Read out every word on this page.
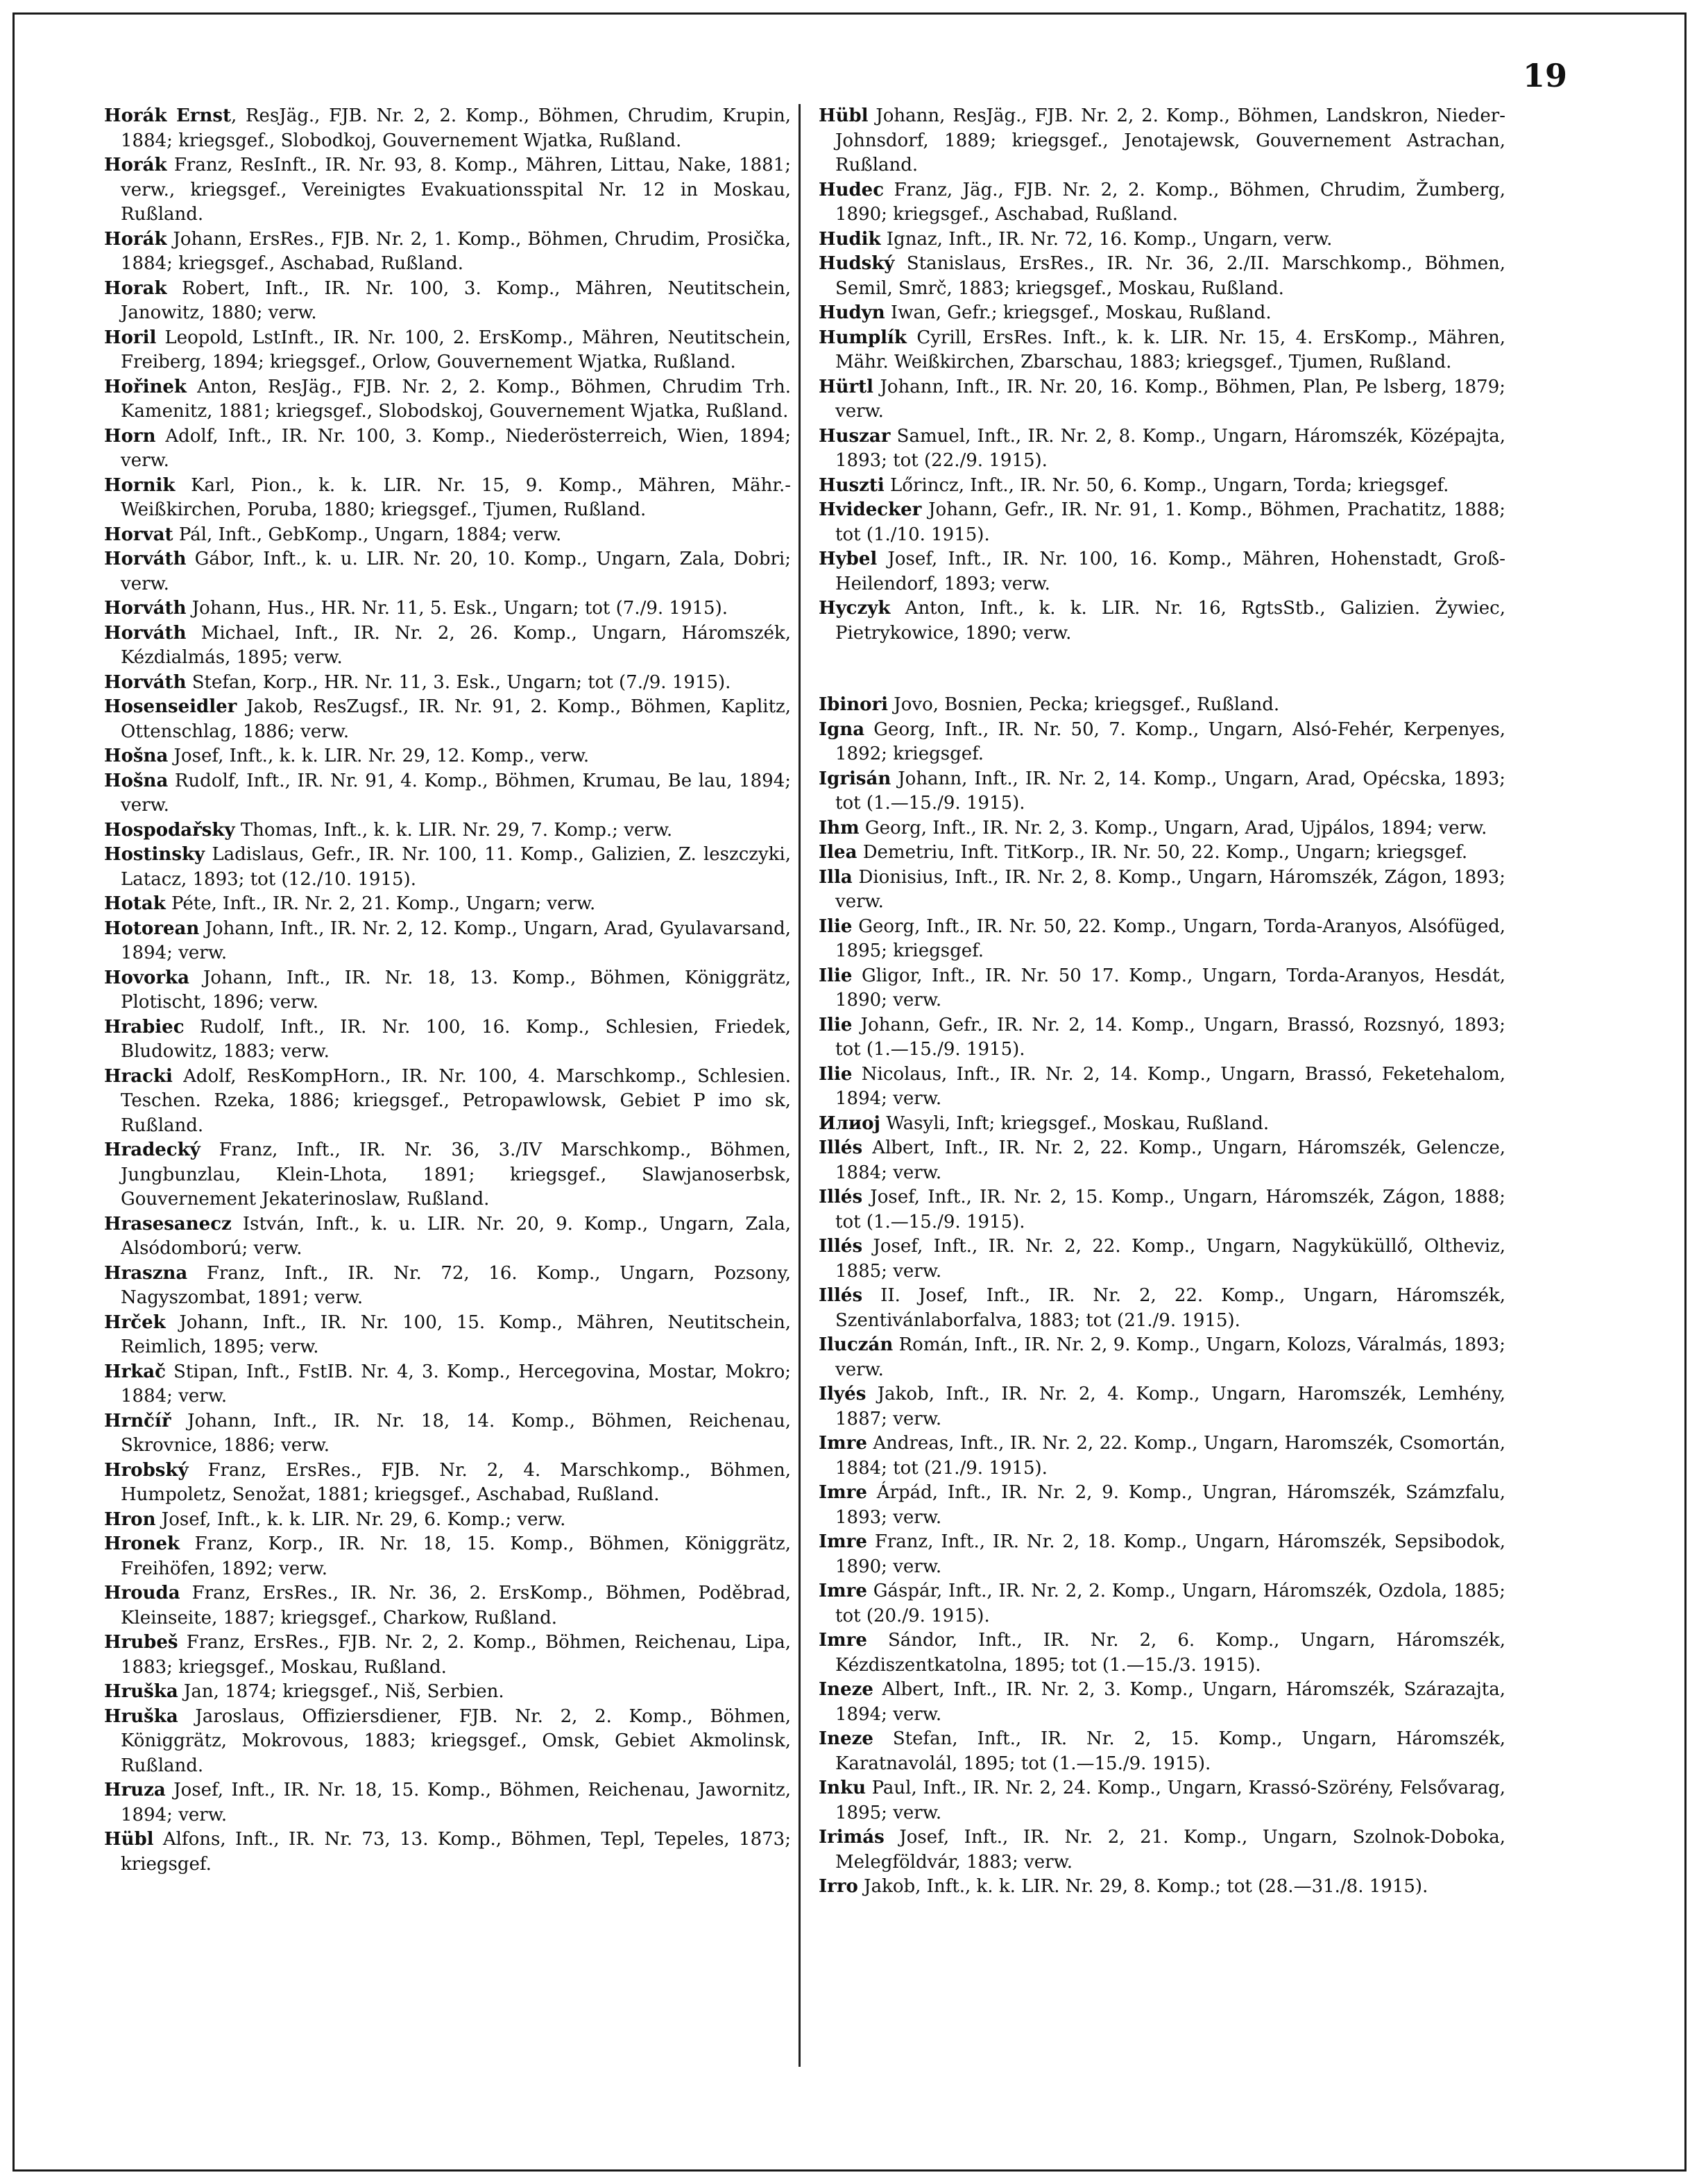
19

Horák Ernst, ResJäg., FJB. Nr. 2, 2. Komp., Böhmen, Chrudim, Krupin, 1884; kriegsgef., Slobodkoj, Gouvernement Wjatka, Rußland.

Horák Franz, ResInft., IR. Nr. 93, 8. Komp., Mähren, Littau, Nake, 1881; verw., kriegsgef., Vereinigtes Evakuationsspital Nr. 12 in Moskau, Rußland.

Horák Johann, ErsRes., FJB. Nr. 2, 1. Komp., Böhmen, Chrudim, Prosička, 1884; kriegsgef., Aschabad, Rußland.

Horak Robert, Inft., IR. Nr. 100, 3. Komp., Mähren, Neutitschein, Janowitz, 1880; verw.

Horil Leopold, LstInft., IR. Nr. 100, 2. ErsKomp., Mähren, Neutitschein, Freiberg, 1894; kriegsgef., Orlow, Gouvernement Wjatka, Rußland.

Hořinek Anton, ResJäg., FJB. Nr. 2, 2. Komp., Böhmen, Chrudim Trh. Kamenitz, 1881; kriegsgef., Slobodskoj, Gouvernement Wjatka, Rußland.

Horn Adolf, Inft., IR. Nr. 100, 3. Komp., Niederösterreich, Wien, 1894; verw.

Hornik Karl, Pion., k. k. LIR. Nr. 15, 9. Komp., Mähren, Mähr.-Weißkirchen, Poruba, 1880; kriegsgef., Tjumen, Rußland.

Horvat Pál, Inft., GebKomp., Ungarn, 1884; verw.

Horváth Gábor, Inft., k. u. LIR. Nr. 20, 10. Komp., Ungarn, Zala, Dobri; verw.

Horváth Johann, Hus., HR. Nr. 11, 5. Esk., Ungarn; tot (7./9. 1915).

Horváth Michael, Inft., IR. Nr. 2, 26. Komp., Ungarn, Háromszék, Kézdialmás, 1895; verw.

Horváth Stefan, Korp., HR. Nr. 11, 3. Esk., Ungarn; tot (7./9. 1915).

Hosenseidler Jakob, ResZugsf., IR. Nr. 91, 2. Komp., Böhmen, Kaplitz, Ottenschlag, 1886; verw.

Hošna Josef, Inft., k. k. LIR. Nr. 29, 12. Komp., verw.

Hošna Rudolf, Inft., IR. Nr. 91, 4. Komp., Böhmen, Krumau, Be lau, 1894; verw.

Hospodařsky Thomas, Inft., k. k. LIR. Nr. 29, 7. Komp.; verw.

Hostinsky Ladislaus, Gefr., IR. Nr. 100, 11. Komp., Galizien, Z. leszczyki, Latacz, 1893; tot (12./10. 1915).

Hotak Péte, Inft., IR. Nr. 2, 21. Komp., Ungarn; verw.

Hotorean Johann, Inft., IR. Nr. 2, 12. Komp., Ungarn, Arad, Gyulavarsand, 1894; verw.

Hovorka Johann, Inft., IR. Nr. 18, 13. Komp., Böhmen, Königgrätz, Plotischt, 1896; verw.

Hrabiec Rudolf, Inft., IR. Nr. 100, 16. Komp., Schlesien, Friedek, Bludowitz, 1883; verw.

Hracki Adolf, ResKompHorn., IR. Nr. 100, 4. Marschkomp., Schlesien. Teschen. Rzeka, 1886; kriegsgef., Petropawlowsk, Gebiet P imo sk, Rußland.

Hradecký Franz, Inft., IR. Nr. 36, 3./IV Marschkomp., Böhmen, Jungbunzlau, Klein-Lhota, 1891; kriegsgef., Slawjanoserbsk, Gouvernement Jekaterinoslaw, Rußland.

Hrasesanecz István, Inft., k. u. LIR. Nr. 20, 9. Komp., Ungarn, Zala, Alsódomború; verw.

Hraszna Franz, Inft., IR. Nr. 72, 16. Komp., Ungarn, Pozsony, Nagyszombat, 1891; verw.

Hrček Johann, Inft., IR. Nr. 100, 15. Komp., Mähren, Neutitschein, Reimlich, 1895; verw.

Hrkač Stipan, Inft., FstIB. Nr. 4, 3. Komp., Hercegovina, Mostar, Mokro; 1884; verw.

Hrnčíř Johann, Inft., IR. Nr. 18, 14. Komp., Böhmen, Reichenau, Skrovnice, 1886; verw.

Hrobský Franz, ErsRes., FJB. Nr. 2, 4. Marschkomp., Böhmen, Humpoletz, Senožat, 1881; kriegsgef., Aschabad, Rußland.

Hron Josef, Inft., k. k. LIR. Nr. 29, 6. Komp.; verw.

Hronek Franz, Korp., IR. Nr. 18, 15. Komp., Böhmen, Königgrätz, Freihöfen, 1892; verw.

Hrouda Franz, ErsRes., IR. Nr. 36, 2. ErsKomp., Böhmen, Poděbrad, Kleinseite, 1887; kriegsgef., Charkow, Rußland.

Hrubeš Franz, ErsRes., FJB. Nr. 2, 2. Komp., Böhmen, Reichenau, Lipa, 1883; kriegsgef., Moskau, Rußland.

Hruška Jan, 1874; kriegsgef., Niš, Serbien.

Hruška Jaroslaus, Offiziersdiener, FJB. Nr. 2, 2. Komp., Böhmen, Königgrätz, Mokrovous, 1883; kriegsgef., Omsk, Gebiet Akmolinsk, Rußland.

Hruza Josef, Inft., IR. Nr. 18, 15. Komp., Böhmen, Reichenau, Jawornitz, 1894; verw.

Hübl Alfons, Inft., IR. Nr. 73, 13. Komp., Böhmen, Tepl, Tepeles, 1873; kriegsgef.

Hübl Johann, ResJäg., FJB. Nr. 2, 2. Komp., Böhmen, Landskron, Nieder-Johnsdorf, 1889; kriegsgef., Jenotajewsk, Gouvernement Astrachan, Rußland.

Hudec Franz, Jäg., FJB. Nr. 2, 2. Komp., Böhmen, Chrudim, Žumberg, 1890; kriegsgef., Aschabad, Rußland.

Hudik Ignaz, Inft., IR. Nr. 72, 16. Komp., Ungarn, verw.

Hudský Stanislaus, ErsRes., IR. Nr. 36, 2./II. Marschkomp., Böhmen, Semil, Smrč, 1883; kriegsgef., Moskau, Rußland.

Hudyn Iwan, Gefr.; kriegsgef., Moskau, Rußland.

Humplík Cyrill, ErsRes. Inft., k. k. LIR. Nr. 15, 4. ErsKomp., Mähren, Mähr. Weißkirchen, Zbarschau, 1883; kriegsgef., Tjumen, Rußland.

Hürtl Johann, Inft., IR. Nr. 20, 16. Komp., Böhmen, Plan, Pe lsberg, 1879; verw.

Huszar Samuel, Inft., IR. Nr. 2, 8. Komp., Ungarn, Háromszék, Középajta, 1893; tot (22./9. 1915).

Huszti Lőrincz, Inft., IR. Nr. 50, 6. Komp., Ungarn, Torda; kriegsgef.

Hvidecker Johann, Gefr., IR. Nr. 91, 1. Komp., Böhmen, Prachatitz, 1888; tot (1./10. 1915).

Hybel Josef, Inft., IR. Nr. 100, 16. Komp., Mähren, Hohenstadt, Groß-Heilendorf, 1893; verw.

Hyczyk Anton, Inft., k. k. LIR. Nr. 16, RgtsStb., Galizien. Żywiec, Pietrykowice, 1890; verw.

Ibinori Jovo, Bosnien, Pecka; kriegsgef., Rußland.

Igna Georg, Inft., IR. Nr. 50, 7. Komp., Ungarn, Alsó-Fehér, Kerpenyes, 1892; kriegsgef.

Igrisán Johann, Inft., IR. Nr. 2, 14. Komp., Ungarn, Arad, Opécska, 1893; tot (1.—15./9. 1915).

Ihm Georg, Inft., IR. Nr. 2, 3. Komp., Ungarn, Arad, Ujpálos, 1894; verw.

Ilea Demetriu, Inft. TitKorp., IR. Nr. 50, 22. Komp., Ungarn; kriegsgef.

Illa Dionisius, Inft., IR. Nr. 2, 8. Komp., Ungarn, Háromszék, Zágon, 1893; verw.

Ilie Georg, Inft., IR. Nr. 50, 22. Komp., Ungarn, Torda-Aranyos, Alsófüged, 1895; kriegsgef.

Ilie Gligor, Inft., IR. Nr. 50 17. Komp., Ungarn, Torda-Aranyos, Hesdát, 1890; verw.

Ilie Johann, Gefr., IR. Nr. 2, 14. Komp., Ungarn, Brassó, Rozsnyó, 1893; tot (1.—15./9. 1915).

Ilie Nicolaus, Inft., IR. Nr. 2, 14. Komp., Ungarn, Brassó, Feketehalom, 1894; verw.

Илиој Wasyli, Inft; kriegsgef., Moskau, Rußland.

Illés Albert, Inft., IR. Nr. 2, 22. Komp., Ungarn, Háromszék, Gelencze, 1884; verw.

Illés Josef, Inft., IR. Nr. 2, 15. Komp., Ungarn, Háromszék, Zágon, 1888; tot (1.—15./9. 1915).

Illés Josef, Inft., IR. Nr. 2, 22. Komp., Ungarn, Nagyküküllő, Oltheviz, 1885; verw.

Illés II. Josef, Inft., IR. Nr. 2, 22. Komp., Ungarn, Háromszék, Szentivánlaborfalva, 1883; tot (21./9. 1915).

Iluczán Román, Inft., IR. Nr. 2, 9. Komp., Ungarn, Kolozs, Váralmás, 1893; verw.

Ilyés Jakob, Inft., IR. Nr. 2, 4. Komp., Ungarn, Haromszék, Lemhény, 1887; verw.

Imre Andreas, Inft., IR. Nr. 2, 22. Komp., Ungarn, Haromszék, Csomortán, 1884; tot (21./9. 1915).

Imre Árpád, Inft., IR. Nr. 2, 9. Komp., Ungran, Háromszék, Számzfalu, 1893; verw.

Imre Franz, Inft., IR. Nr. 2, 18. Komp., Ungarn, Háromszék, Sepsibodok, 1890; verw.

Imre Gáspár, Inft., IR. Nr. 2, 2. Komp., Ungarn, Háromszék, Ozdola, 1885; tot (20./9. 1915).

Imre Sándor, Inft., IR. Nr. 2, 6. Komp., Ungarn, Háromszék, Kézdiszentkatolna, 1895; tot (1.—15./3. 1915).

Ineze Albert, Inft., IR. Nr. 2, 3. Komp., Ungarn, Háromszék, Szárazajta, 1894; verw.

Ineze Stefan, Inft., IR. Nr. 2, 15. Komp., Ungarn, Háromszék, Karatnavolál, 1895; tot (1.—15./9. 1915).

Inku Paul, Inft., IR. Nr. 2, 24. Komp., Ungarn, Krassó-Szörény, Felsővarag, 1895; verw.

Irimás Josef, Inft., IR. Nr. 2, 21. Komp., Ungarn, Szolnok-Doboka, Melegföldvár, 1883; verw.

Irro Jakob, Inft., k. k. LIR. Nr. 29, 8. Komp.; tot (28.—31./8. 1915).
